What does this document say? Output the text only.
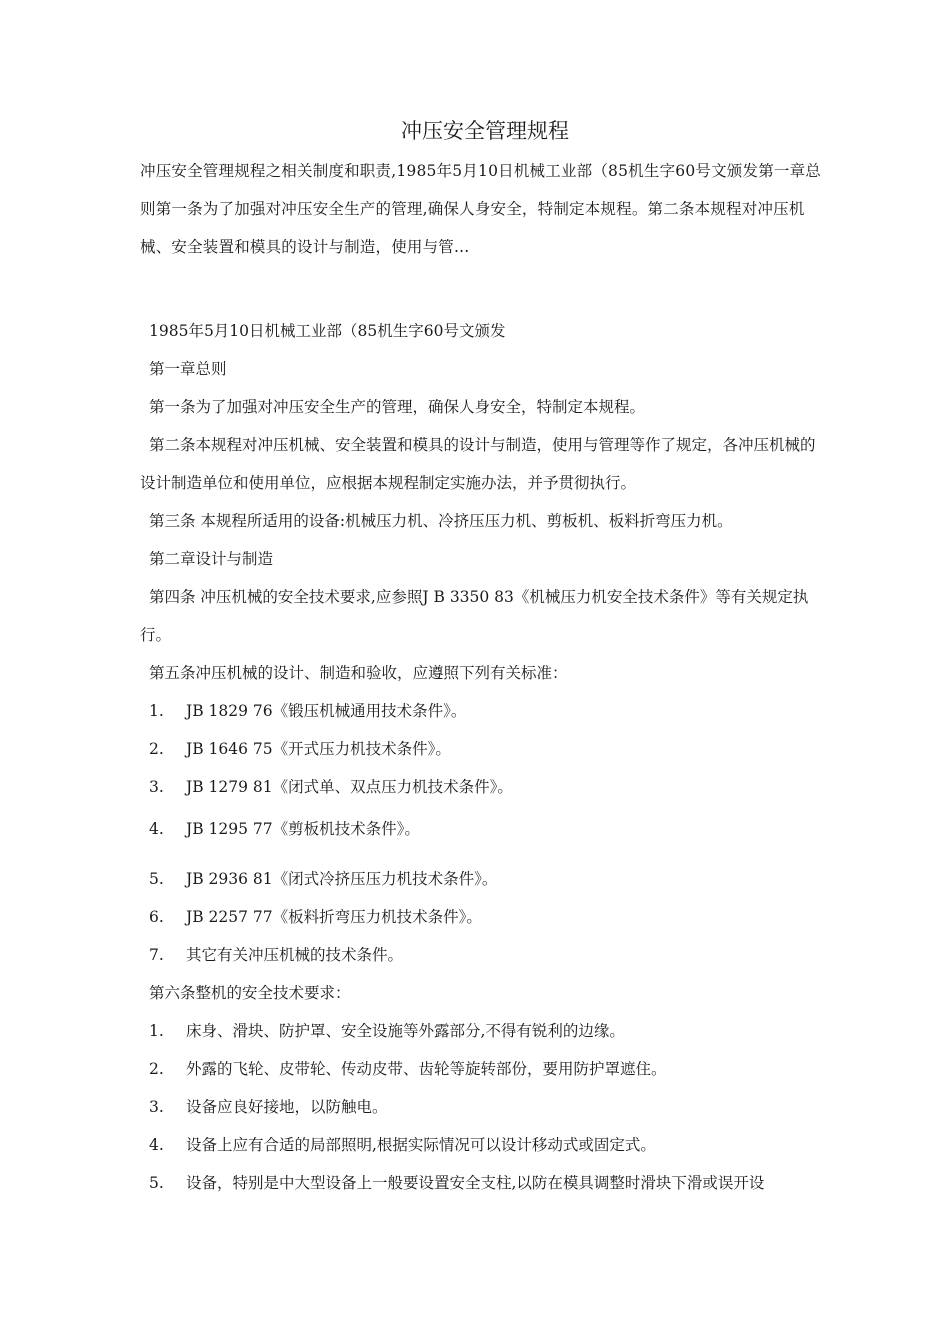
冲压安全管理规程

冲压安全管理规程之相关制度和职责,1985年5月10日机械工业部（85机生字60号文颁发第一章总则第一条为了加强对冲压安全生产的管理,确保人身安全，特制定本规程。第二条本规程对冲压机械、安全装置和模具的设计与制造，使用与管...

1985年5月10日机械工业部（85机生字60号文颁发

第一章总则

第一条为了加强对冲压安全生产的管理，确保人身安全，特制定本规程。

第二条本规程对冲压机械、安全装置和模具的设计与制造，使用与管理等作了规定，各冲压机械的设计制造单位和使用单位，应根据本规程制定实施办法，并予贯彻执行。

第三条 本规程所适用的设备:机械压力机、冷挤压压力机、剪板机、板料折弯压力机。

第二章设计与制造

第四条 冲压机械的安全技术要求,应参照J B 3350 83《机械压力机安全技术条件》等有关规定执行。

第五条冲压机械的设计、制造和验收，应遵照下列有关标准：

1.	JB 1829 76《锻压机械通用技术条件》。
2.	JB 1646 75《开式压力机技术条件》。
3.	JB 1279 81《闭式单、双点压力机技术条件》。
4.	JB 1295 77《剪板机技术条件》。
5.	JB 2936 81《闭式冷挤压压力机技术条件》。
6.	JB 2257 77《板料折弯压力机技术条件》。
7.	其它有关冲压机械的技术条件。

第六条整机的安全技术要求：

1.	床身、滑块、防护罩、安全设施等外露部分,不得有锐利的边缘。
2.	外露的飞轮、皮带轮、传动皮带、齿轮等旋转部份，要用防护罩遮住。
3.	设备应良好接地，以防触电。
4.	设备上应有合适的局部照明,根据实际情况可以设计移动式或固定式。
5.	设备，特别是中大型设备上一般要设置安全支柱,以防在模具调整时滑块下滑或误开设
